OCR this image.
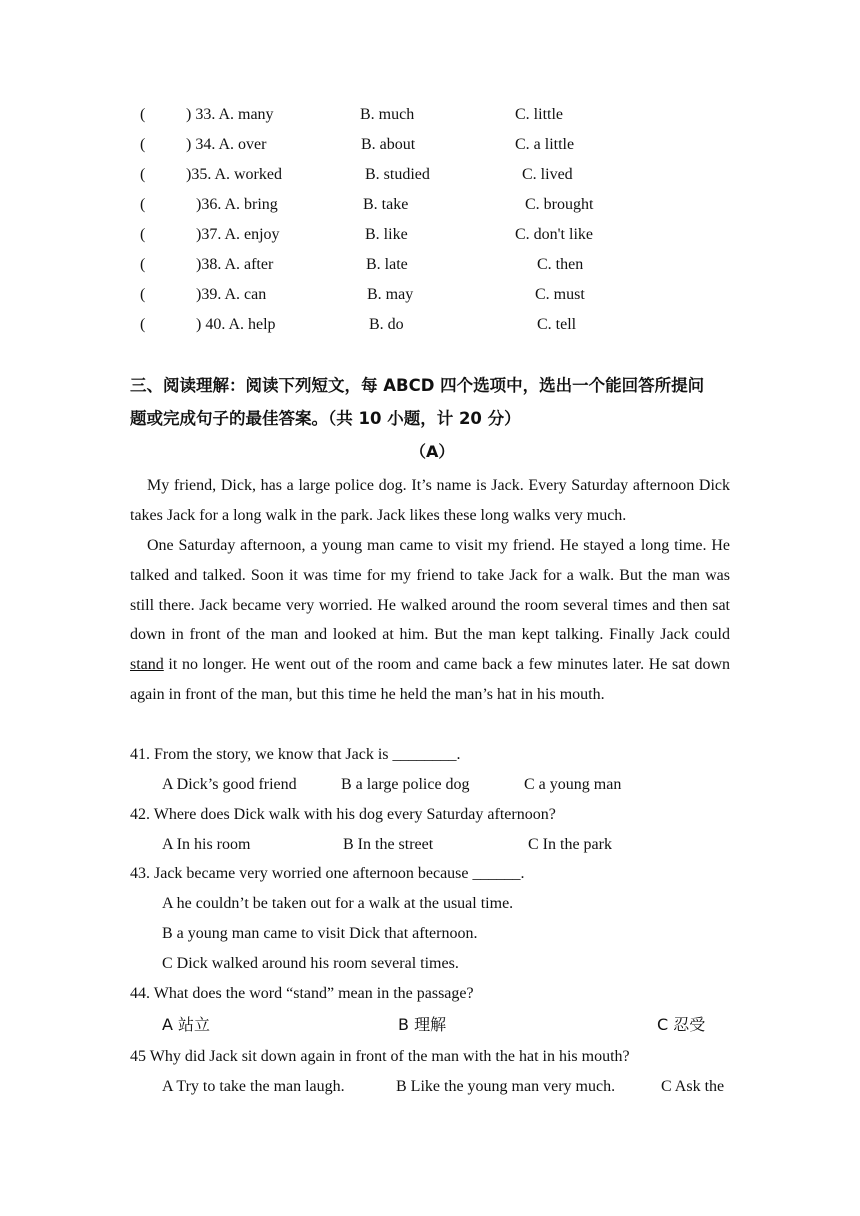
(	) 33. A. many	B. much	C. little
(	) 34. A. over	B. about	C. a little
(	)35. A. worked	B. studied	C. lived
(	)36. A. bring	B. take	C. brought
(	)37. A. enjoy	B. like	C. don't like
(	)38. A. after	B. late	C. then
(	)39. A. can	B. may	C. must
(	) 40. A. help	B. do	C. tell
三、阅读理解：阅读下列短文，每 ABCD 四个选项中，选出一个能回答所提问
题或完成句子的最佳答案。（共 10 小题，计 20 分）
（A）
My friend, Dick, has a large police dog. It’s name is Jack. Every Saturday afternoon Dick takes Jack for a long walk in the park. Jack likes these long walks very much.
One Saturday afternoon, a young man came to visit my friend. He stayed a long time. He talked and talked. Soon it was time for my friend to take Jack for a walk. But the man was still there. Jack became very worried. He walked around the room several times and then sat down in front of the man and looked at him. But the man kept talking. Finally Jack could stand it no longer. He went out of the room and came back a few minutes later. He sat down again in front of the man, but this time he held the man’s hat in his mouth.
41. From the story, we know that Jack is ________.
A Dick’s good friend	B a large police dog	C a young man
42. Where does Dick walk with his dog every Saturday afternoon?
A In his room	B In the street	C In the park
43. Jack became very worried one afternoon because ______.
A he couldn’t be taken out for a walk at the usual time.
B a young man came to visit Dick that afternoon.
C Dick walked around his room several times.
44. What does the word “stand” mean in the passage?
A 站立	B 理解	C 忍受
45 Why did Jack sit down again in front of the man with the hat in his mouth?
A Try to take the man laugh.	B Like the young man very much.	C Ask the
